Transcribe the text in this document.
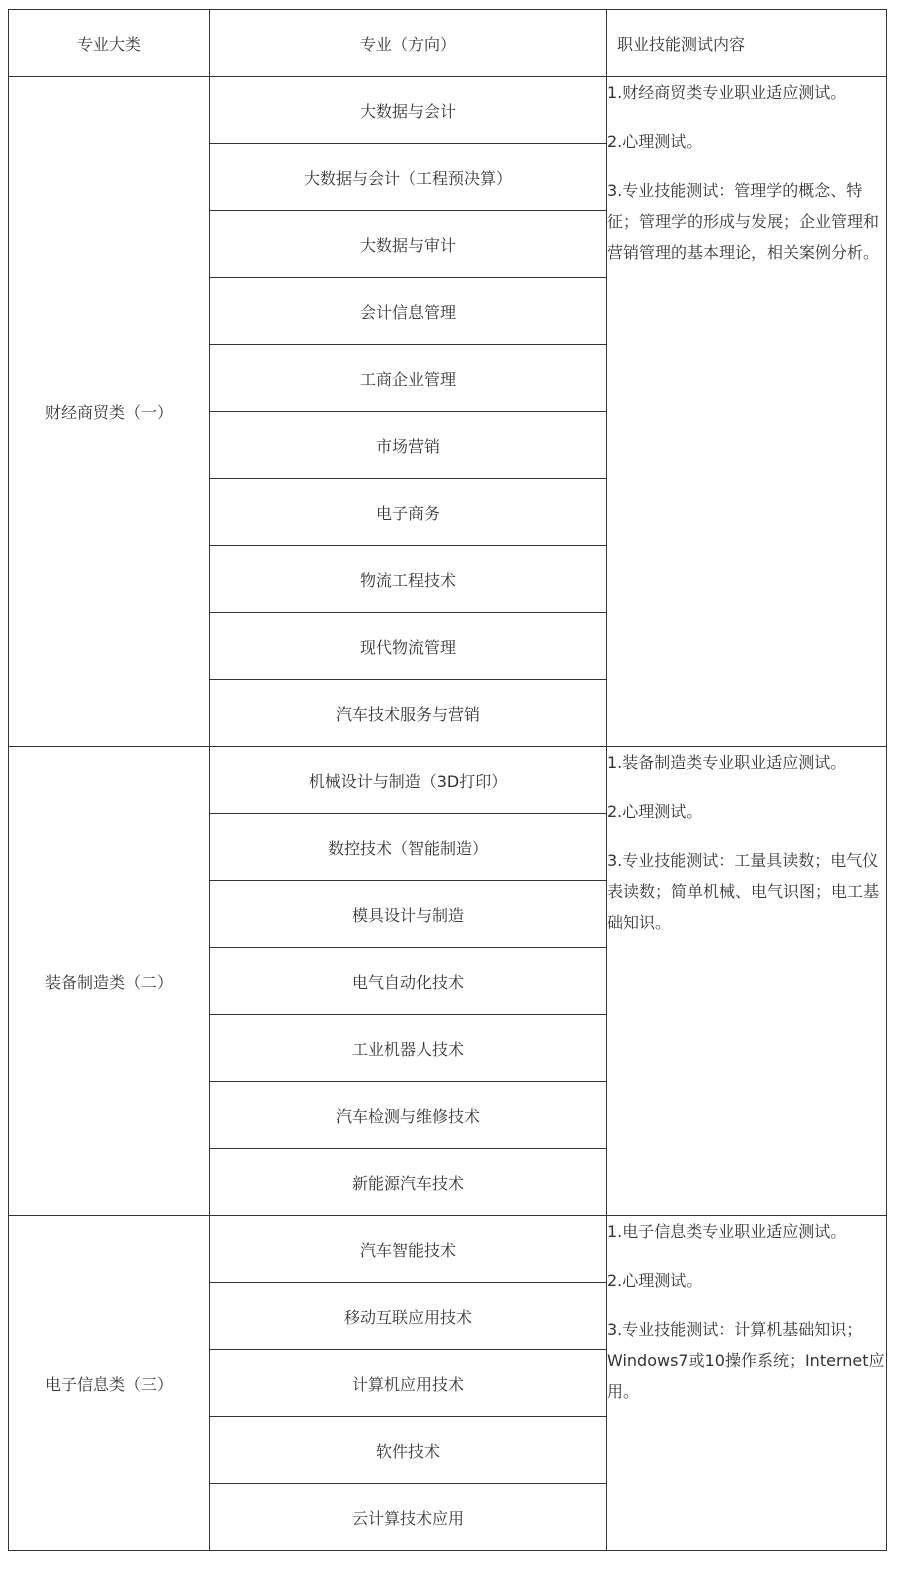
专业大类	专业（方向）	职业技能测试内容
财经商贸类（一）	大数据与会计	1.财经商贸类专业职业适应测试。

2.心理测试。

3.专业技能测试：管理学的概念、特征；管理学的形成与发展；企业管理和营销管理的基本理论，相关案例分析。

	大数据与会计（工程预决算）	
	大数据与审计	
	会计信息管理	
	工商企业管理	
	市场营销	
	电子商务	
	物流工程技术	
	现代物流管理	
	汽车技术服务与营销	
装备制造类（二）	机械设计与制造（3D打印）	1.装备制造类专业职业适应测试。

2.心理测试。

3.专业技能测试：工量具读数；电气仪表读数；简单机械、电气识图；电工基础知识。

	数控技术（智能制造）	
	模具设计与制造	
	电气自动化技术	
	工业机器人技术	
	汽车检测与维修技术	
	新能源汽车技术	
电子信息类（三）	汽车智能技术	1.电子信息类专业职业适应测试。

2.心理测试。

3.专业技能测试：计算机基础知识；Windows7或10操作系统；Internet应用。

	移动互联应用技术	
	计算机应用技术	
	软件技术	
	云计算技术应用	
